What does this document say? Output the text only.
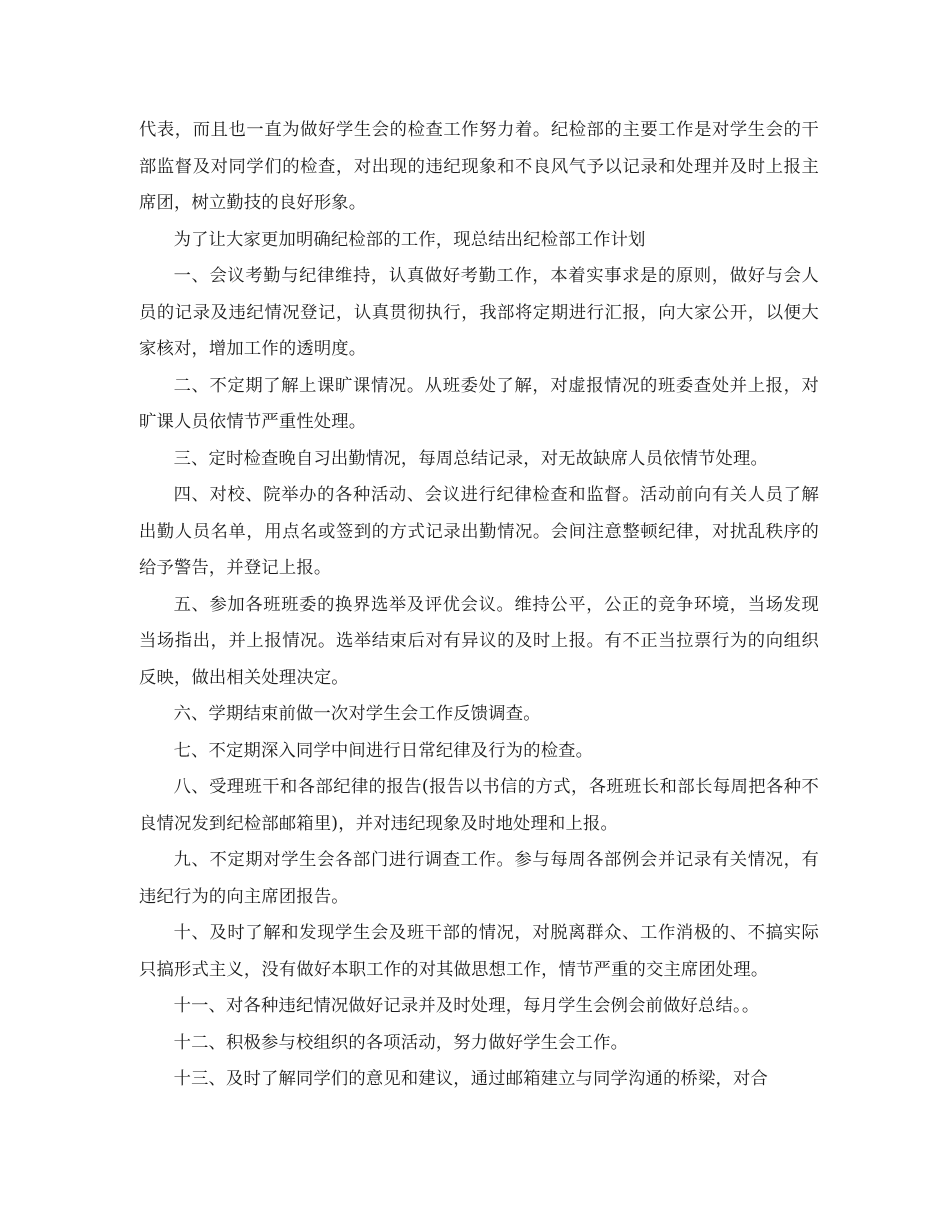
代表，而且也一直为做好学生会的检查工作努力着。纪检部的主要工作是对学生会的干部监督及对同学们的检查，对出现的违纪现象和不良风气予以记录和处理并及时上报主席团，树立勤技的良好形象。

为了让大家更加明确纪检部的工作，现总结出纪检部工作计划

一、会议考勤与纪律维持，认真做好考勤工作，本着实事求是的原则，做好与会人员的记录及违纪情况登记，认真贯彻执行，我部将定期进行汇报，向大家公开，以便大家核对，增加工作的透明度。

二、不定期了解上课旷课情况。从班委处了解，对虚报情况的班委查处并上报，对旷课人员依情节严重性处理。

三、定时检查晚自习出勤情况，每周总结记录，对无故缺席人员依情节处理。

四、对校、院举办的各种活动、会议进行纪律检查和监督。活动前向有关人员了解出勤人员名单，用点名或签到的方式记录出勤情况。会间注意整顿纪律，对扰乱秩序的给予警告，并登记上报。

五、参加各班班委的换界选举及评优会议。维持公平，公正的竞争环境，当场发现当场指出，并上报情况。选举结束后对有异议的及时上报。有不正当拉票行为的向组织反映，做出相关处理决定。

六、学期结束前做一次对学生会工作反馈调查。

七、不定期深入同学中间进行日常纪律及行为的检查。

八、受理班干和各部纪律的报告(报告以书信的方式，各班班长和部长每周把各种不良情况发到纪检部邮箱里)，并对违纪现象及时地处理和上报。

九、不定期对学生会各部门进行调查工作。参与每周各部例会并记录有关情况，有违纪行为的向主席团报告。

十、及时了解和发现学生会及班干部的情况，对脱离群众、工作消极的、不搞实际只搞形式主义，没有做好本职工作的对其做思想工作，情节严重的交主席团处理。

十一、对各种违纪情况做好记录并及时处理，每月学生会例会前做好总结。。

十二、积极参与校组织的各项活动，努力做好学生会工作。

十三、及时了解同学们的意见和建议，通过邮箱建立与同学沟通的桥梁，对合
